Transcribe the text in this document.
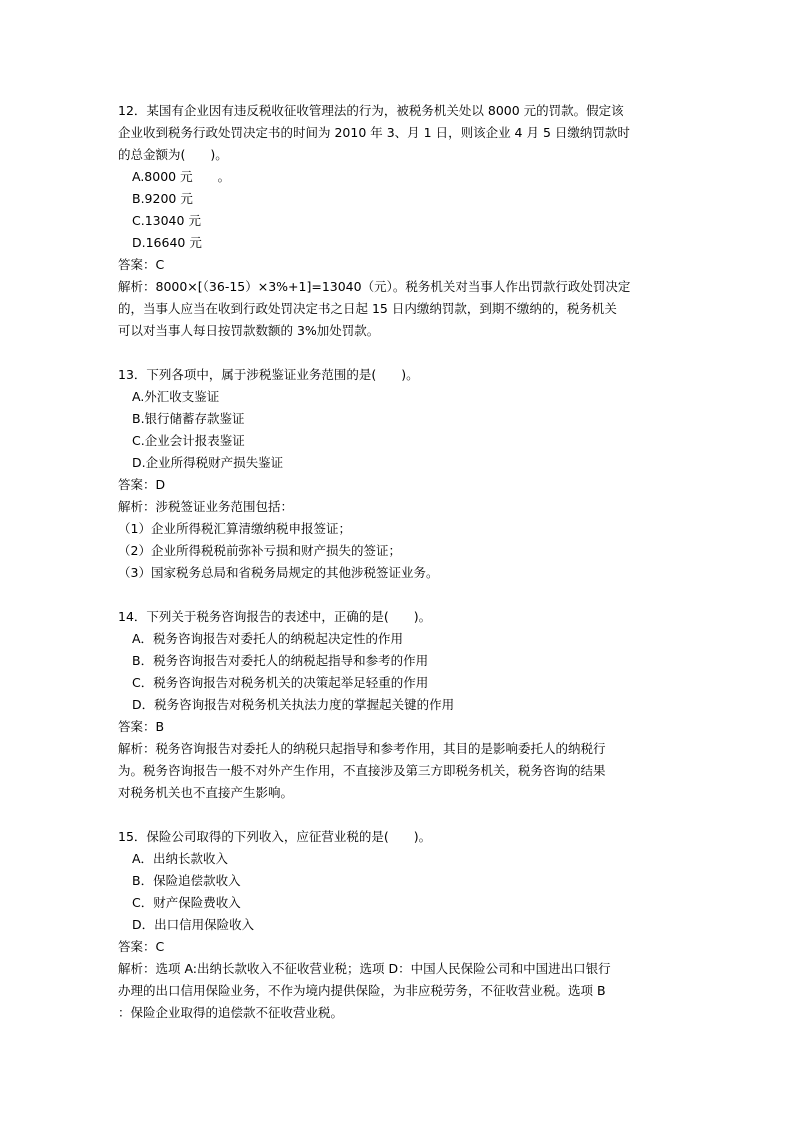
12．某国有企业因有违反税收征收管理法的行为，被税务机关处以 8000 元的罚款。假定该
企业收到税务行政处罚决定书的时间为 2010 年 3、月 1 日，则该企业 4 月 5 日缴纳罚款时
的总金额为(　　)。
A.8000 元　　。
B.9200 元
C.13040 元
D.16640 元
答案：C
解析：8000×[（36-15）×3%+1]=13040（元）。税务机关对当事人作出罚款行政处罚决定
的，当事人应当在收到行政处罚决定书之日起 15 日内缴纳罚款，到期不缴纳的，税务机关
可以对当事人每日按罚款数额的 3%加处罚款。
13．下列各项中，属于涉税鉴证业务范围的是(　　)。
A.外汇收支鉴证
B.银行储蓄存款鉴证
C.企业会计报表鉴证
D.企业所得税财产损失鉴证
答案：D
解析：涉税签证业务范围包括：
（1）企业所得税汇算清缴纳税申报签证；
（2）企业所得税税前弥补亏损和财产损失的签证；
（3）国家税务总局和省税务局规定的其他涉税签证业务。
14．下列关于税务咨询报告的表述中，正确的是(　　)。
A．税务咨询报告对委托人的纳税起决定性的作用
B．税务咨询报告对委托人的纳税起指导和参考的作用
C．税务咨询报告对税务机关的决策起举足轻重的作用
D．税务咨询报告对税务机关执法力度的掌握起关键的作用
答案：B
解析：税务咨询报告对委托人的纳税只起指导和参考作用，其目的是影响委托人的纳税行
为。税务咨询报告一般不对外产生作用，不直接涉及第三方即税务机关，税务咨询的结果
对税务机关也不直接产生影响。
15．保险公司取得的下列收入，应征营业税的是(　　)。
A．出纳长款收入
B．保险追偿款收入
C．财产保险费收入
D．出口信用保险收入
答案：C
解析：选项 A:出纳长款收入不征收营业税；选项 D：中国人民保险公司和中国进出口银行
办理的出口信用保险业务，不作为境内提供保险，为非应税劳务，不征收营业税。选项 B
：保险企业取得的追偿款不征收营业税。
